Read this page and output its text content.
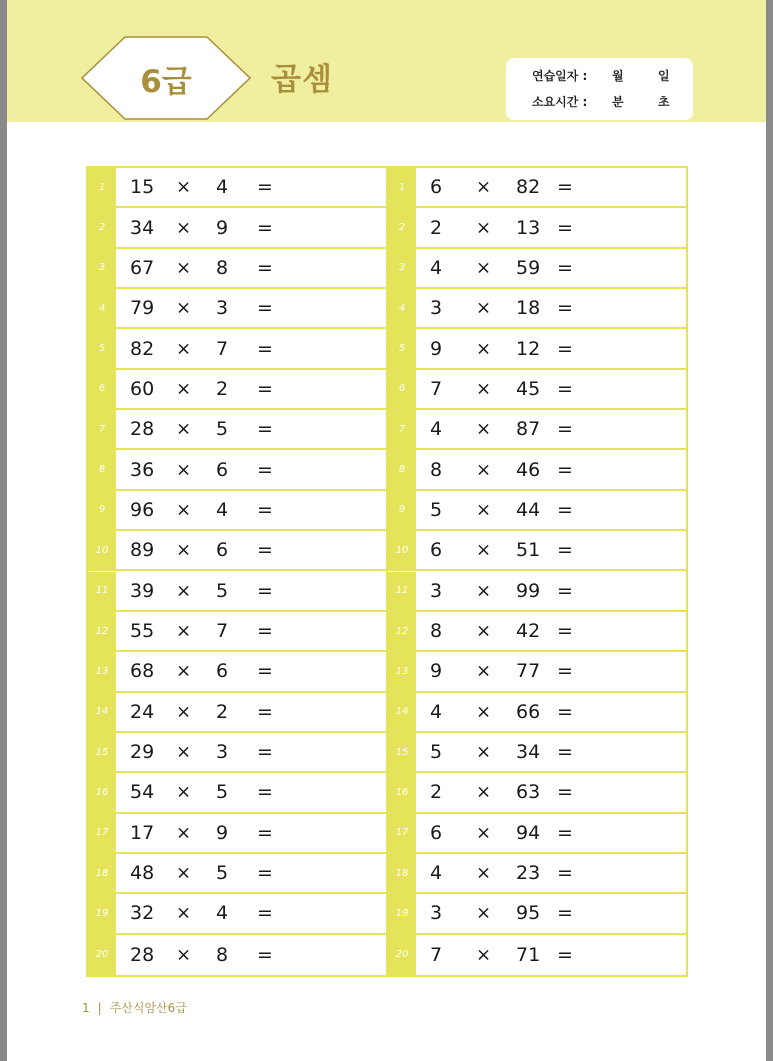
6급	곱셈	연습일자 : 월	일
소요시간 : 분	초
1	15 × 4 =
2	34 × 9 =
3	67 × 8 =
4	79 × 3 =
5	82 × 7 =
6	60 × 2 =
7	28 × 5 =
8	36 × 6 =
9	96 × 4 =
10	89 × 6 =
11	39 × 5 =
12	55 × 7 =
13	68 × 6 =
14	24 × 2 =
15	29 × 3 =
16	54 × 5 =
17	17 × 9 =
18	48 × 5 =
19	32 × 4 =
20	28 × 8 =
1	6 × 82 =
2	2 × 13 =
3	4 × 59 =
4	3 × 18 =
5	9 × 12 =
6	7 × 45 =
7	4 × 87 =
8	8 × 46 =
9	5 × 44 =
10	6 × 51 =
11	3 × 99 =
12	8 × 42 =
13	9 × 77 =
14	4 × 66 =
15	5 × 34 =
16	2 × 63 =
17	6 × 94 =
18	4 × 23 =
19	3 × 95 =
20	7 × 71 =
1 | 주산식암산6급
